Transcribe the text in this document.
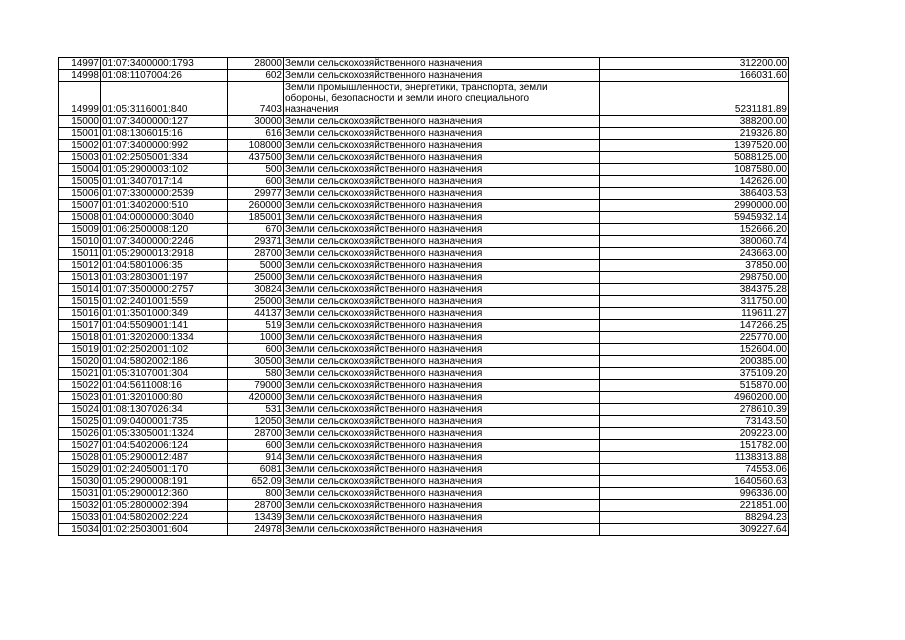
14997	01:07:3400000:1793	28000	Земли сельскохозяйственного назначения	312200.00
14998	01:08:1107004:26	602	Земли сельскохозяйственного назначения	166031.60
14999	01:05:3116001:840	7403	Земли промышленности, энергетики, транспорта, земли
обороны, безопасности и земли иного специального
назначения	5231181.89
15000	01:07:3400000:127	30000	Земли сельскохозяйственного назначения	388200.00
15001	01:08:1306015:16	616	Земли сельскохозяйственного назначения	219326.80
15002	01:07:3400000:992	108000	Земли сельскохозяйственного назначения	1397520.00
15003	01:02:2505001:334	437500	Земли сельскохозяйственного назначения	5088125.00
15004	01:05:2900003:102	500	Земли сельскохозяйственного назначения	1087580.00
15005	01:01:3407017:14	600	Земли сельскохозяйственного назначения	142626.00
15006	01:07:3300000:2539	29977	Земли сельскохозяйственного назначения	386403.53
15007	01:01:3402000:510	260000	Земли сельскохозяйственного назначения	2990000.00
15008	01:04:0000000:3040	185001	Земли сельскохозяйственного назначения	5945932.14
15009	01:06:2500008:120	670	Земли сельскохозяйственного назначения	152666.20
15010	01:07:3400000:2246	29371	Земли сельскохозяйственного назначения	380060.74
15011	01:05:2900013:2918	28700	Земли сельскохозяйственного назначения	243663.00
15012	01:04:5801006:35	5000	Земли сельскохозяйственного назначения	37850.00
15013	01:03:2803001:197	25000	Земли сельскохозяйственного назначения	298750.00
15014	01:07:3500000:2757	30824	Земли сельскохозяйственного назначения	384375.28
15015	01:02:2401001:559	25000	Земли сельскохозяйственного назначения	311750.00
15016	01:01:3501000:349	44137	Земли сельскохозяйственного назначения	119611.27
15017	01:04:5509001:141	519	Земли сельскохозяйственного назначения	147266.25
15018	01:01:3202000:1334	1000	Земли сельскохозяйственного назначения	225770.00
15019	01:02:2502001:102	600	Земли сельскохозяйственного назначения	152604.00
15020	01:04:5802002:186	30500	Земли сельскохозяйственного назначения	200385.00
15021	01:05:3107001:304	580	Земли сельскохозяйственного назначения	375109.20
15022	01:04:5611008:16	79000	Земли сельскохозяйственного назначения	515870.00
15023	01:01:3201000:80	420000	Земли сельскохозяйственного назначения	4960200.00
15024	01:08:1307026:34	531	Земли сельскохозяйственного назначения	278610.39
15025	01:09:0400001:735	12050	Земли сельскохозяйственного назначения	73143.50
15026	01:05:3305001:1324	28700	Земли сельскохозяйственного назначения	209223.00
15027	01:04:5402006:124	600	Земли сельскохозяйственного назначения	151782.00
15028	01:05:2900012:487	914	Земли сельскохозяйственного назначения	1138313.88
15029	01:02:2405001:170	6081	Земли сельскохозяйственного назначения	74553.06
15030	01:05:2900008:191	652.09	Земли сельскохозяйственного назначения	1640560.63
15031	01:05:2900012:360	800	Земли сельскохозяйственного назначения	996336.00
15032	01:05:2800002:394	28700	Земли сельскохозяйственного назначения	221851.00
15033	01:04:5802002:224	13439	Земли сельскохозяйственного назначения	88294.23
15034	01:02:2503001:604	24978	Земли сельскохозяйственного назначения	309227.64
